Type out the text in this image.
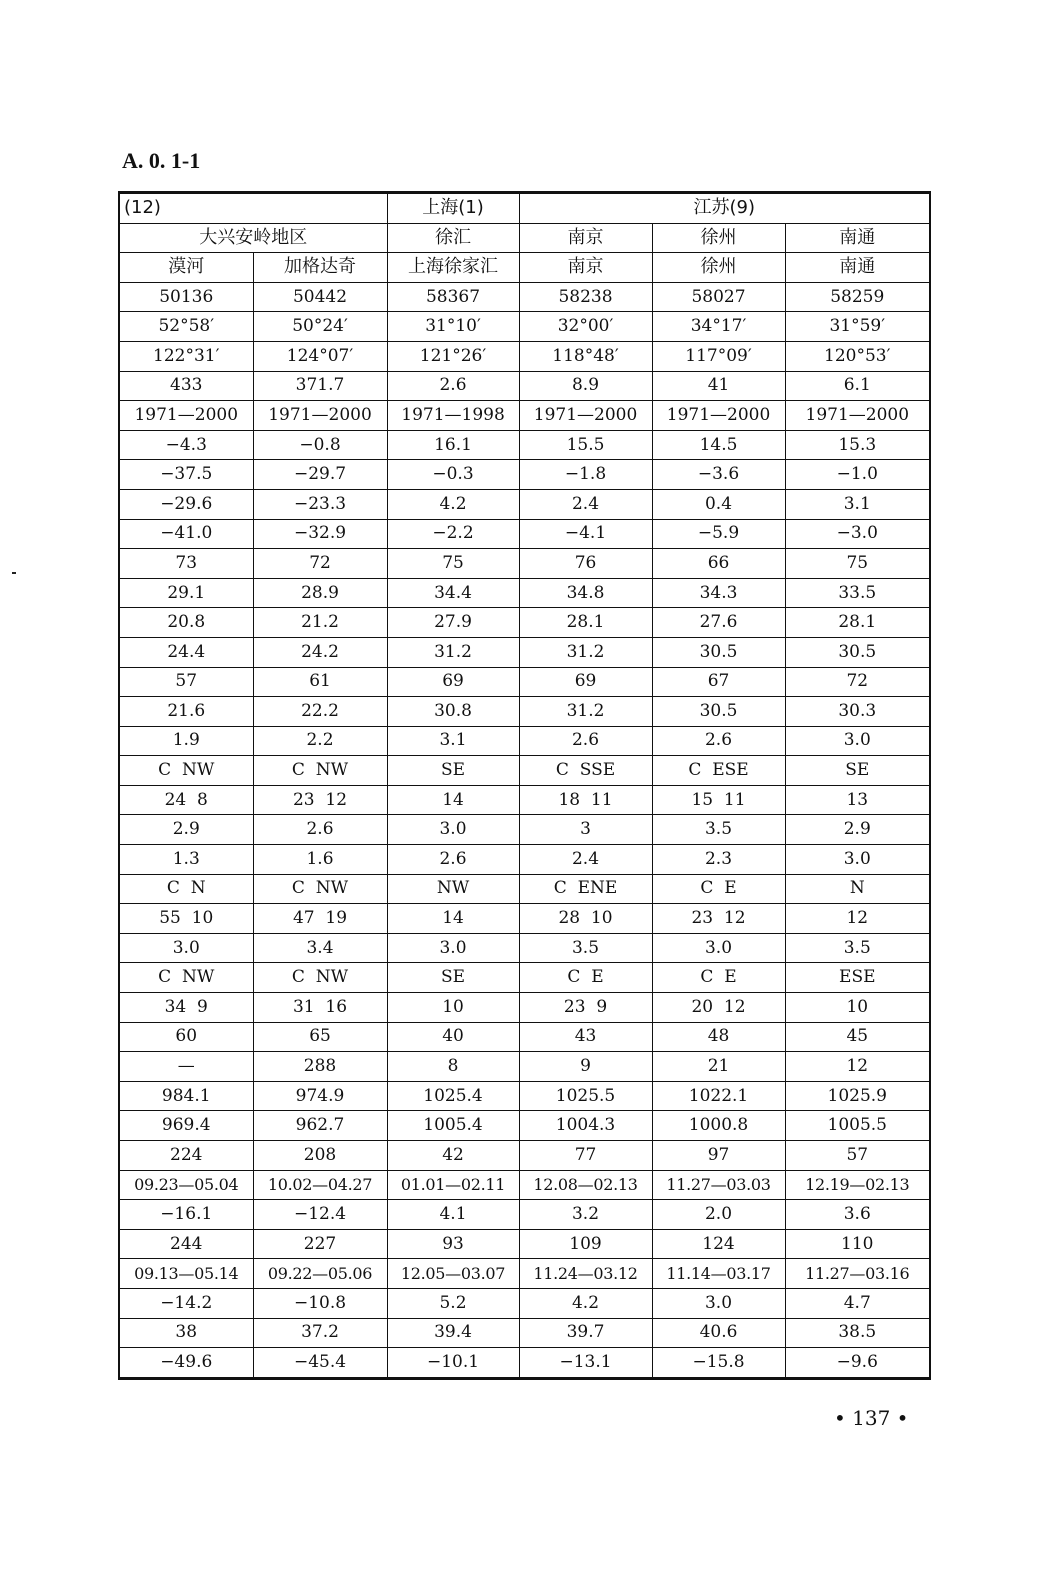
A. 0. 1-1
(12)		上海(1)	江苏(9)		
大兴安岭地区		徐汇	南京	徐州	南通
漠河	加格达奇	上海徐家汇	南京	徐州	南通
50136	50442	58367	58238	58027	58259
52°58′	50°24′	31°10′	32°00′	34°17′	31°59′
122°31′	124°07′	121°26′	118°48′	117°09′	120°53′
433	371.7	2.6	8.9	41	6.1
1971—2000	1971—2000	1971—1998	1971—2000	1971—2000	1971—2000
−4.3	−0.8	16.1	15.5	14.5	15.3
−37.5	−29.7	−0.3	−1.8	−3.6	−1.0
−29.6	−23.3	4.2	2.4	0.4	3.1
−41.0	−32.9	−2.2	−4.1	−5.9	−3.0
73	72	75	76	66	75
29.1	28.9	34.4	34.8	34.3	33.5
20.8	21.2	27.9	28.1	27.6	28.1
24.4	24.2	31.2	31.2	30.5	30.5
57	61	69	69	67	72
21.6	22.2	30.8	31.2	30.5	30.3
1.9	2.2	3.1	2.6	2.6	3.0
C  NW	C  NW	SE	C  SSE	C  ESE	SE
24  8	23  12	14	18  11	15  11	13
2.9	2.6	3.0	3	3.5	2.9
1.3	1.6	2.6	2.4	2.3	3.0
C  N	C  NW	NW	C  ENE	C  E	N
55  10	47  19	14	28  10	23  12	12
3.0	3.4	3.0	3.5	3.0	3.5
C  NW	C  NW	SE	C  E	C  E	ESE
34  9	31  16	10	23  9	20  12	10
60	65	40	43	48	45
—	288	8	9	21	12
984.1	974.9	1025.4	1025.5	1022.1	1025.9
969.4	962.7	1005.4	1004.3	1000.8	1005.5
224	208	42	77	97	57
09.23—05.04	10.02—04.27	01.01—02.11	12.08—02.13	11.27—03.03	12.19—02.13
−16.1	−12.4	4.1	3.2	2.0	3.6
244	227	93	109	124	110
09.13—05.14	09.22—05.06	12.05—03.07	11.24—03.12	11.14—03.17	11.27—03.16
−14.2	−10.8	5.2	4.2	3.0	4.7
38	37.2	39.4	39.7	40.6	38.5
−49.6	−45.4	−10.1	−13.1	−15.8	−9.6
• 137 •
